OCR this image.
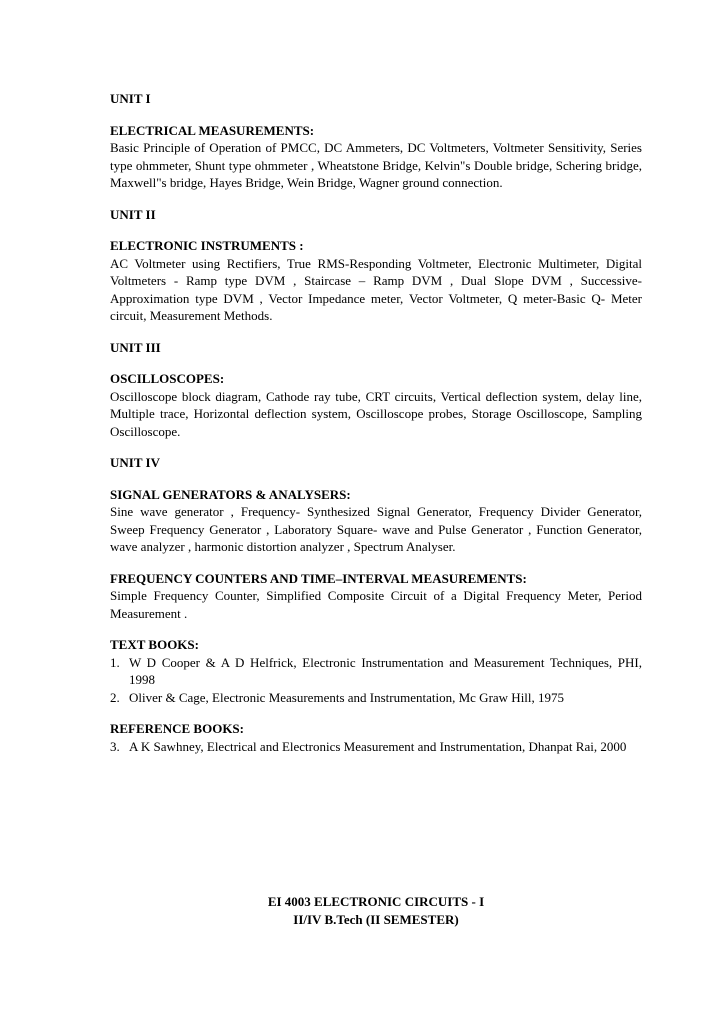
UNIT I

ELECTRICAL MEASUREMENTS:

Basic Principle of Operation of PMCC, DC Ammeters, DC Voltmeters, Voltmeter Sensitivity, Series type ohmmeter, Shunt type ohmmeter , Wheatstone Bridge, Kelvin"s Double bridge, Schering bridge, Maxwell"s bridge, Hayes Bridge, Wein Bridge, Wagner ground connection.

UNIT II

ELECTRONIC INSTRUMENTS :

AC Voltmeter using Rectifiers, True RMS-Responding Voltmeter, Electronic Multimeter, Digital Voltmeters - Ramp type DVM , Staircase – Ramp DVM , Dual Slope DVM , Successive-Approximation type DVM , Vector Impedance meter, Vector Voltmeter, Q meter-Basic Q- Meter circuit, Measurement Methods.

UNIT III

OSCILLOSCOPES:

Oscilloscope block diagram, Cathode ray tube, CRT circuits, Vertical deflection system, delay line, Multiple trace, Horizontal deflection system, Oscilloscope probes, Storage Oscilloscope, Sampling Oscilloscope.

UNIT IV

SIGNAL GENERATORS & ANALYSERS:

Sine wave generator , Frequency- Synthesized Signal Generator, Frequency Divider Generator, Sweep Frequency Generator , Laboratory Square- wave and Pulse Generator , Function Generator, wave analyzer , harmonic distortion analyzer , Spectrum Analyser.

FREQUENCY COUNTERS AND TIME–INTERVAL MEASUREMENTS:

Simple Frequency Counter, Simplified Composite Circuit of a Digital Frequency Meter, Period Measurement .

TEXT BOOKS:

1. W D Cooper & A D Helfrick, Electronic Instrumentation and Measurement Techniques, PHI, 1998
2. Oliver & Cage, Electronic Measurements and Instrumentation, Mc Graw Hill, 1975

REFERENCE BOOKS:

3. A K Sawhney, Electrical and Electronics Measurement and Instrumentation, Dhanpat Rai, 2000
EI 4003 ELECTRONIC CIRCUITS - I
II/IV B.Tech (II SEMESTER)
